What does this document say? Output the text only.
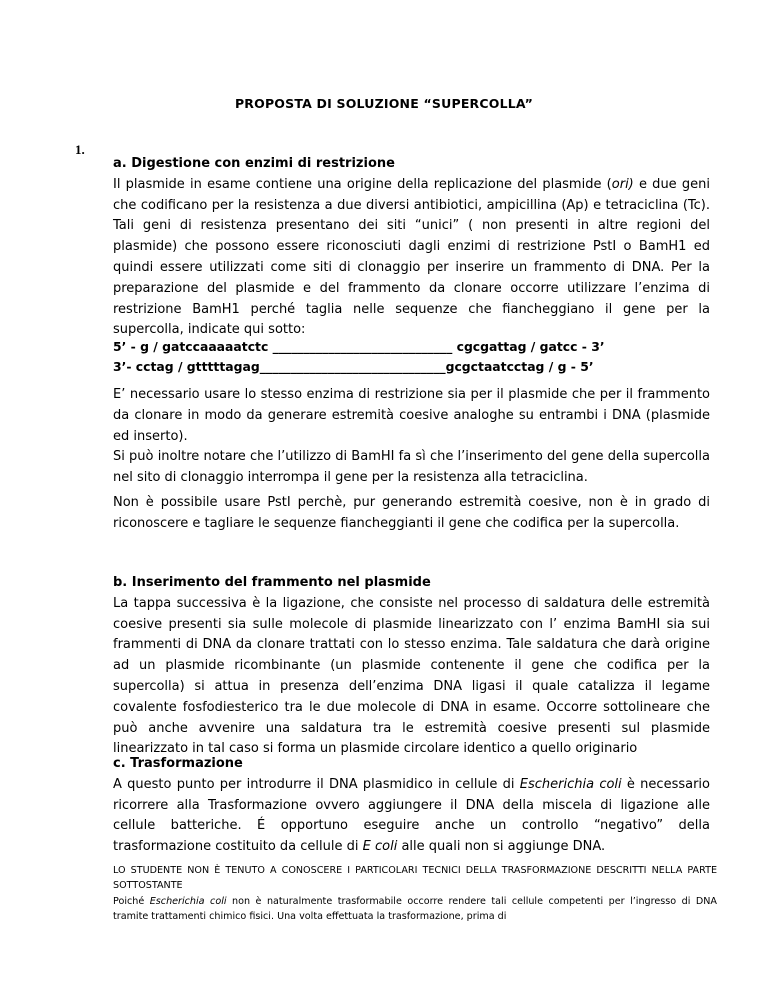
PROPOSTA DI SOLUZIONE “SUPERCOLLA”
1.

a. Digestione con enzimi di restrizione

Il plasmide in esame contiene una origine della replicazione del plasmide (ori) e due geni che codificano per la resistenza a due diversi antibiotici, ampicillina (Ap) e tetraciclina (Tc). Tali geni di resistenza presentano dei siti “unici” ( non presenti in altre regioni del plasmide) che possono essere riconosciuti dagli enzimi di restrizione PstI o BamH1 ed quindi essere utilizzati come siti di clonaggio per inserire un frammento di DNA. Per la preparazione del plasmide e del frammento da clonare occorre utilizzare l’enzima di restrizione BamH1 perché taglia nelle sequenze che fiancheggiano il gene per la supercolla, indicate qui sotto:

5’ - g / gatccaaaaatctc _____________________________ cgcgattag / gatcc - 3’
3’- cctag / gtttttagag______________________________gcgctaatcctag / g - 5’

E’ necessario usare lo stesso enzima di restrizione sia per il plasmide che per il frammento da clonare in modo da generare estremità coesive analoghe su entrambi i DNA (plasmide ed inserto).

Si può inoltre notare che l’utilizzo di BamHI fa sì che l’inserimento del gene della supercolla nel sito di clonaggio interrompa il gene per la resistenza alla tetraciclina.

Non è possibile usare PstI perchè, pur generando estremità coesive, non è in grado di riconoscere e tagliare le sequenze fiancheggianti il gene che codifica per la supercolla.

b. Inserimento del frammento nel plasmide

La tappa successiva è la ligazione, che consiste nel processo di saldatura delle estremità coesive presenti sia sulle molecole di plasmide linearizzato con l’ enzima BamHI sia sui frammenti di DNA da clonare trattati con lo stesso enzima. Tale saldatura che darà origine ad un plasmide ricombinante (un plasmide contenente il gene che codifica per la supercolla) si attua in presenza dell’enzima DNA ligasi il quale catalizza il legame covalente fosfodiesterico tra le due molecole di DNA in esame. Occorre sottolineare che può anche avvenire una saldatura tra le estremità coesive presenti sul plasmide linearizzato in tal caso si forma un plasmide circolare identico a quello originario

c. Trasformazione

A questo punto per introdurre il DNA plasmidico in cellule di Escherichia coli è necessario ricorrere alla Trasformazione ovvero aggiungere il DNA della miscela di ligazione alle cellule batteriche. É opportuno eseguire anche un controllo “negativo” della trasformazione costituito da cellule di E coli alle quali non si aggiunge DNA.

LO STUDENTE NON È TENUTO A CONOSCERE I PARTICOLARI TECNICI DELLA TRASFORMAZIONE DESCRITTI NELLA PARTE SOTTOSTANTE

Poiché Escherichia coli non è naturalmente trasformabile occorre rendere tali cellule competenti per l’ingresso di DNA tramite trattamenti chimico fisici. Una volta effettuata la trasformazione, prima di
